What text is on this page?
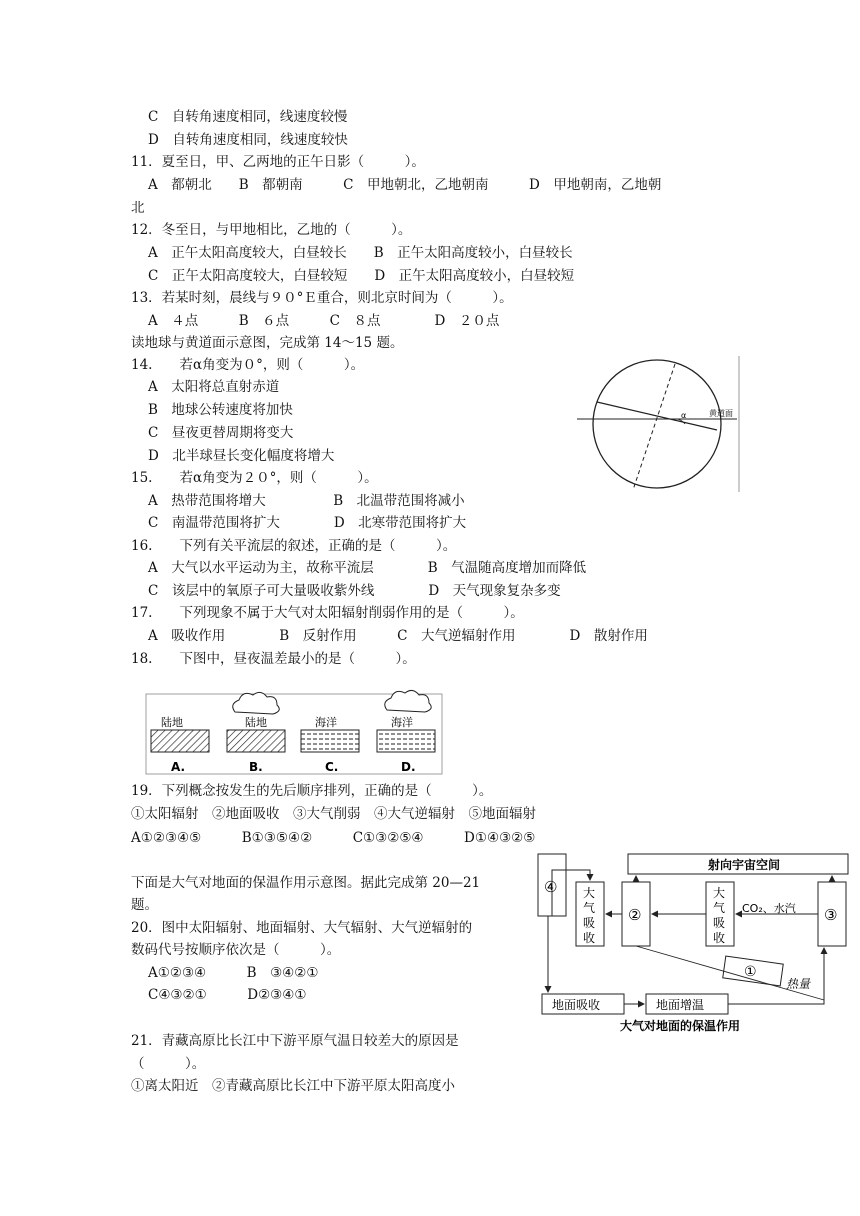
C　自转角速度相同，线速度较慢
D　自转角速度相同，线速度较快
11．夏至日，甲、乙两地的正午日影（　　　）。
A　都朝北　　B　都朝南　　　C　甲地朝北，乙地朝南　　　D　甲地朝南，乙地朝
北
12．冬至日，与甲地相比，乙地的（　　　）。
A　正午太阳高度较大，白昼较长　　B　正午太阳高度较小，白昼较长
C　正午太阳高度较大，白昼较短　　D　正午太阳高度较小，白昼较短
13．若某时刻，晨线与９０°Ｅ重合，则北京时间为（　　　）。
A　４点　　　B　６点　　　C　８点　　　　D　２０点
读地球与黄道面示意图，完成第 14～15 题。
14.　　若α角变为０°，则（　　　）。
A　太阳将总直射赤道
B　地球公转速度将加快
C　昼夜更替周期将变大
D　北半球昼长变化幅度将增大
15.　　若α角变为２０°，则（　　　）。
A　热带范围将增大　　　　　B　北温带范围将减小
C　南温带范围将扩大　　　　D　北寒带范围将扩大
16.　　下列有关平流层的叙述，正确的是（　　　）。
A　大气以水平运动为主，故称平流层　　　　B　气温随高度增加而降低
C　该层中的氧原子可大量吸收紫外线　　　　D　天气现象复杂多变
17.　　下列现象不属于大气对太阳辐射削弱作用的是（　　　）。
A　吸收作用　　　　B　反射作用　　　C　大气逆辐射作用　　　　D　散射作用
18.　　下图中，昼夜温差最小的是（　　　）。
19．下列概念按发生的先后顺序排列，正确的是（　　　）。
①太阳辐射　②地面吸收　③大气削弱　④大气逆辐射　⑤地面辐射
A①②③④⑤　　　B①③⑤④②　　　C①③②⑤④　　　D①④③②⑤
下面是大气对地面的保温作用示意图。据此完成第 20—21
题。
20．图中太阳辐射、地面辐射、大气辐射、大气逆辐射的
数码代号按顺序依次是（　　　）。
A①②③④　　　B　③④②①
C④③②①　　　D②③④①
21．青藏高原比长江中下游平原气温日较差大的原因是
（　　　）。
①离太阳近　②青藏高原比长江中下游平原太阳高度小
α	黄道面
陆地
A.
陆地
B.
海洋
C.
海洋
D.
射向宇宙空间
④ 大
气
吸
收
②
大
气
吸
收
CO₂、水汽 ③
①
热量
地面吸收	地面增温
大气对地面的保温作用
